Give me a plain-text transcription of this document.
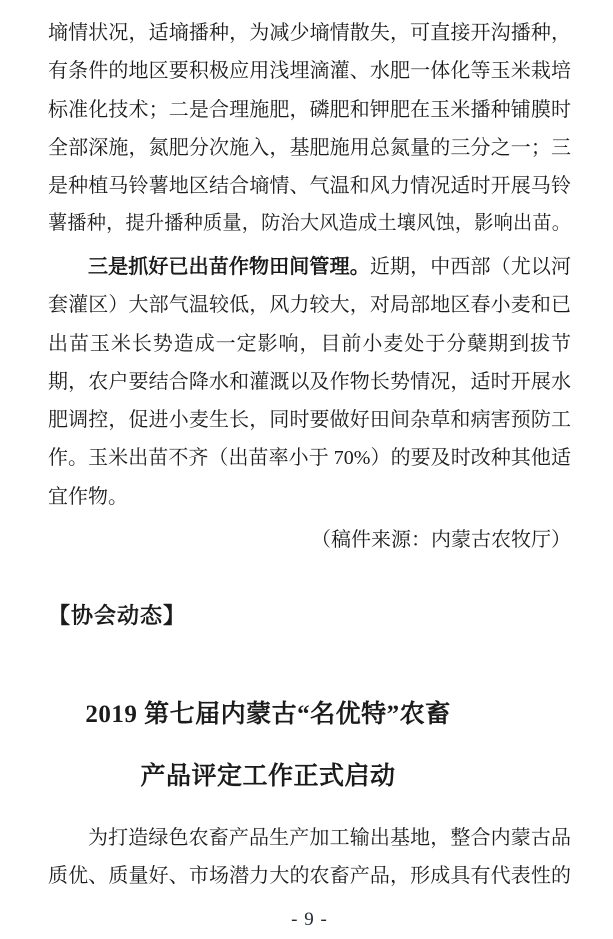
墒情状况，适墒播种，为减少墒情散失，可直接开沟播种，
有条件的地区要积极应用浅埋滴灌、水肥一体化等玉米栽培
标准化技术；二是合理施肥，磷肥和钾肥在玉米播种铺膜时
全部深施，氮肥分次施入，基肥施用总氮量的三分之一；三
是种植马铃薯地区结合墒情、气温和风力情况适时开展马铃
薯播种，提升播种质量，防治大风造成土壤风蚀，影响出苗。
三是抓好已出苗作物田间管理。近期，中西部（尤以河
套灌区）大部气温较低，风力较大，对局部地区春小麦和已
出苗玉米长势造成一定影响，目前小麦处于分蘖期到拔节
期，农户要结合降水和灌溉以及作物长势情况，适时开展水
肥调控，促进小麦生长，同时要做好田间杂草和病害预防工
作。玉米出苗不齐（出苗率小于 70%）的要及时改种其他适
宜作物。
（稿件来源：内蒙古农牧厅）
【协会动态】
2019 第七届内蒙古“名优特”农畜
产品评定工作正式启动
为打造绿色农畜产品生产加工输出基地，整合内蒙古品
质优、质量好、市场潜力大的农畜产品，形成具有代表性的
- 9 -
